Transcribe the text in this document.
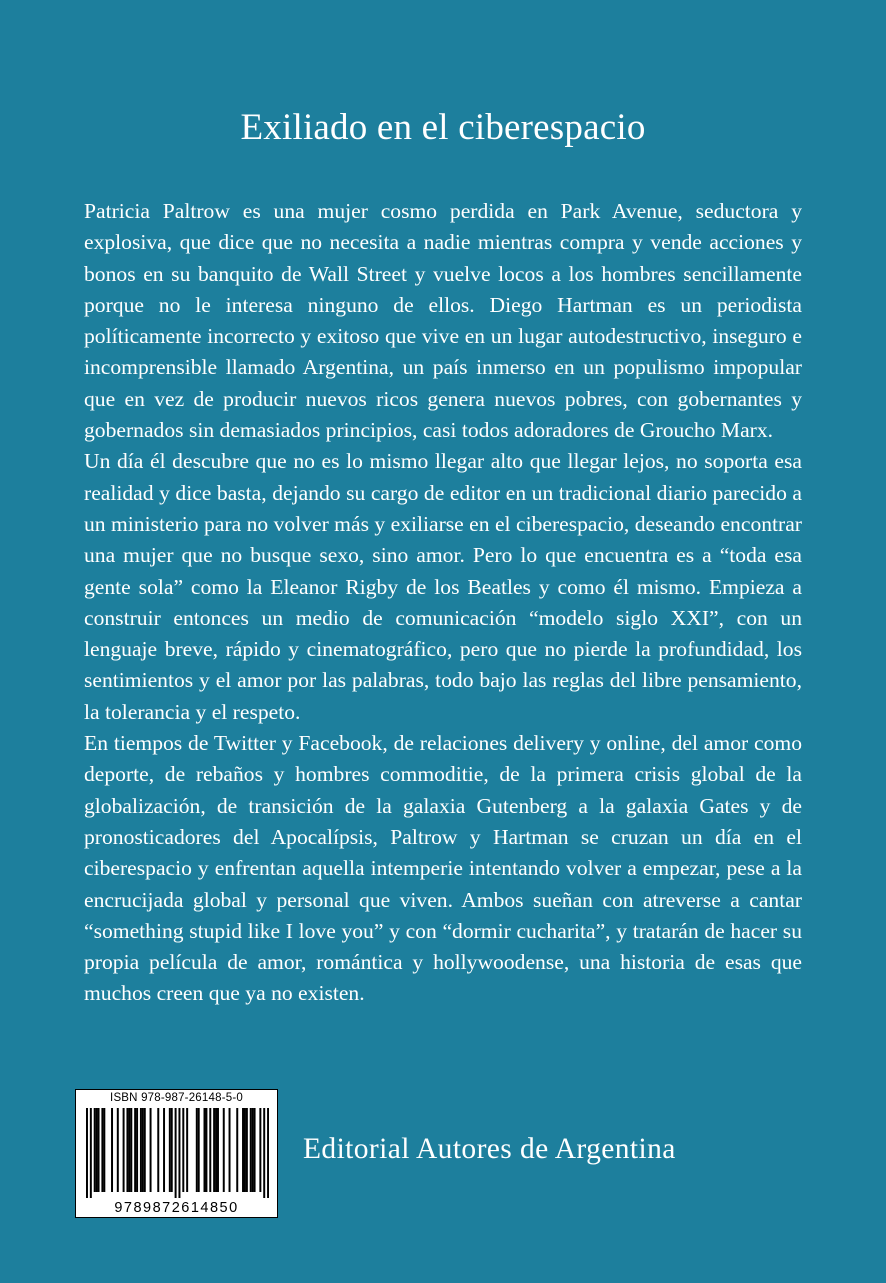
Exiliado en el ciberespacio

Patricia Paltrow es una mujer cosmo perdida en Park Avenue, seductora y explosiva, que dice que no necesita a nadie mientras compra y vende acciones y bonos en su banquito de Wall Street y vuelve locos a los hombres sencillamente porque no le interesa ninguno de ellos. Diego Hartman es un periodista políticamente incorrecto y exitoso que vive en un lugar autodestructivo, inseguro e incomprensible llamado Argentina, un país inmerso en un populismo impopular que en vez de producir nuevos ricos genera nuevos pobres, con gobernantes y gobernados sin demasiados principios, casi todos adoradores de Groucho Marx.

Un día él descubre que no es lo mismo llegar alto que llegar lejos, no soporta esa realidad y dice basta, dejando su cargo de editor en un tradicional diario parecido a un ministerio para no volver más y exiliarse en el ciberespacio, deseando encontrar una mujer que no busque sexo, sino amor. Pero lo que encuentra es a “toda esa gente sola” como la Eleanor Rigby de los Beatles y como él mismo. Empieza a construir entonces un medio de comunicación “modelo siglo XXI”, con un lenguaje breve, rápido y cinematográfico, pero que no pierde la profundidad, los sentimientos y el amor por las palabras, todo bajo las reglas del libre pensamiento, la tolerancia y el respeto.

En tiempos de Twitter y Facebook, de relaciones delivery y online, del amor como deporte, de rebaños y hombres commoditie, de la primera crisis global de la globalización, de transición de la galaxia Gutenberg a la galaxia Gates y de pronosticadores del Apocalípsis, Paltrow y Hartman se cruzan un día en el ciberespacio y enfrentan aquella intemperie intentando volver a empezar, pese a la encrucijada global y personal que viven. Ambos sueñan con atreverse a cantar “something stupid like I love you” y con “dormir cucharita”, y tratarán de hacer su propia película de amor, romántica y hollywoodense, una historia de esas que muchos creen que ya no existen.

ISBN 978-987-26148-5-0
9789872614850
Editorial Autores de Argentina
